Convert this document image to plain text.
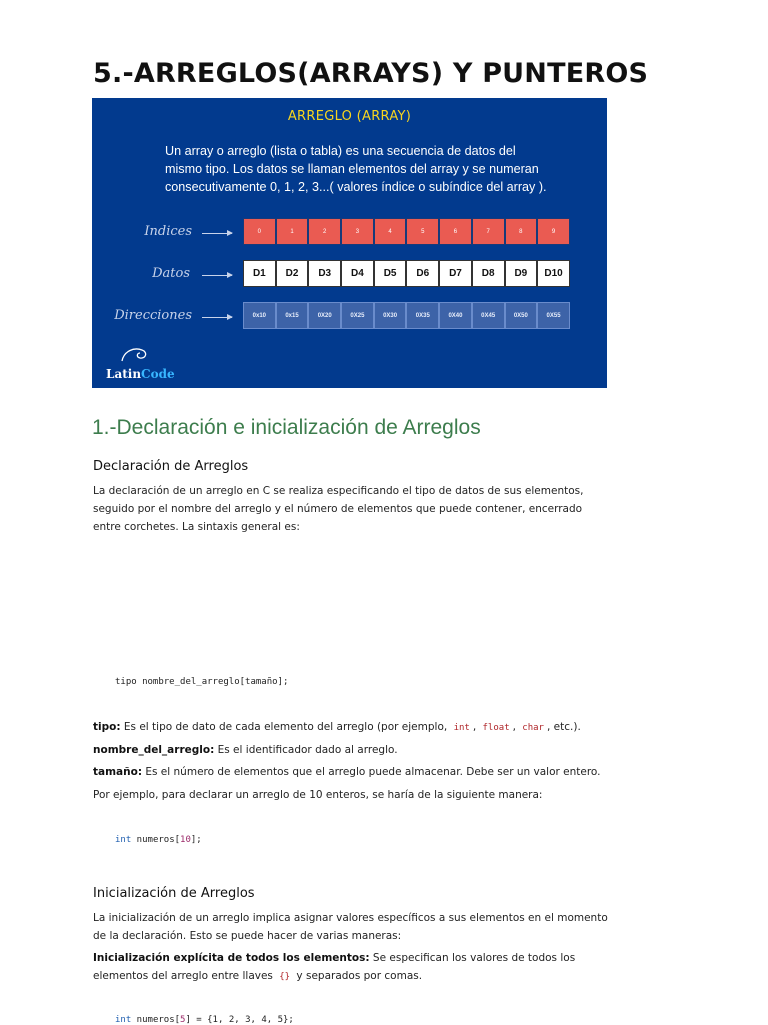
5.-ARREGLOS(ARRAYS) Y PUNTEROS
ARREGLO (ARRAY)
Un array o arreglo (lista o tabla) es una secuencia de datos del
mismo tipo. Los datos se llaman elementos del array y se numeran
consecutivamente 0, 1, 2, 3...( valores índice o subíndice del array ).
Indices	0	1	2	3	4	5	6	7	8	9
Datos	D1	D2	D3	D4	D5	D6	D7	D8	D9	D10
Direcciones	0x10	0x15	0X20	0X25	0X30	0X35	0X40	0X45	0X50	0X55
LatinCode
1.-Declaración e inicialización de Arreglos
Declaración de Arreglos

La declaración de un arreglo en C se realiza especificando el tipo de datos de sus elementos, seguido por el nombre del arreglo y el número de elementos que puede contener, encerrado entre corchetes. La sintaxis general es:

tipo nombre_del_arreglo[tamaño];

tipo: Es el tipo de dato de cada elemento del arreglo (por ejemplo, int , float , char , etc.).

nombre_del_arreglo: Es el identificador dado al arreglo.

tamaño: Es el número de elementos que el arreglo puede almacenar. Debe ser un valor entero.

Por ejemplo, para declarar un arreglo de 10 enteros, se haría de la siguiente manera:

int numeros[10];
Inicialización de Arreglos

La inicialización de un arreglo implica asignar valores específicos a sus elementos en el momento de la declaración. Esto se puede hacer de varias maneras:

Inicialización explícita de todos los elementos: Se especifican los valores de todos los elementos del arreglo entre llaves {} y separados por comas.

int numeros[5] = {1, 2, 3, 4, 5};
